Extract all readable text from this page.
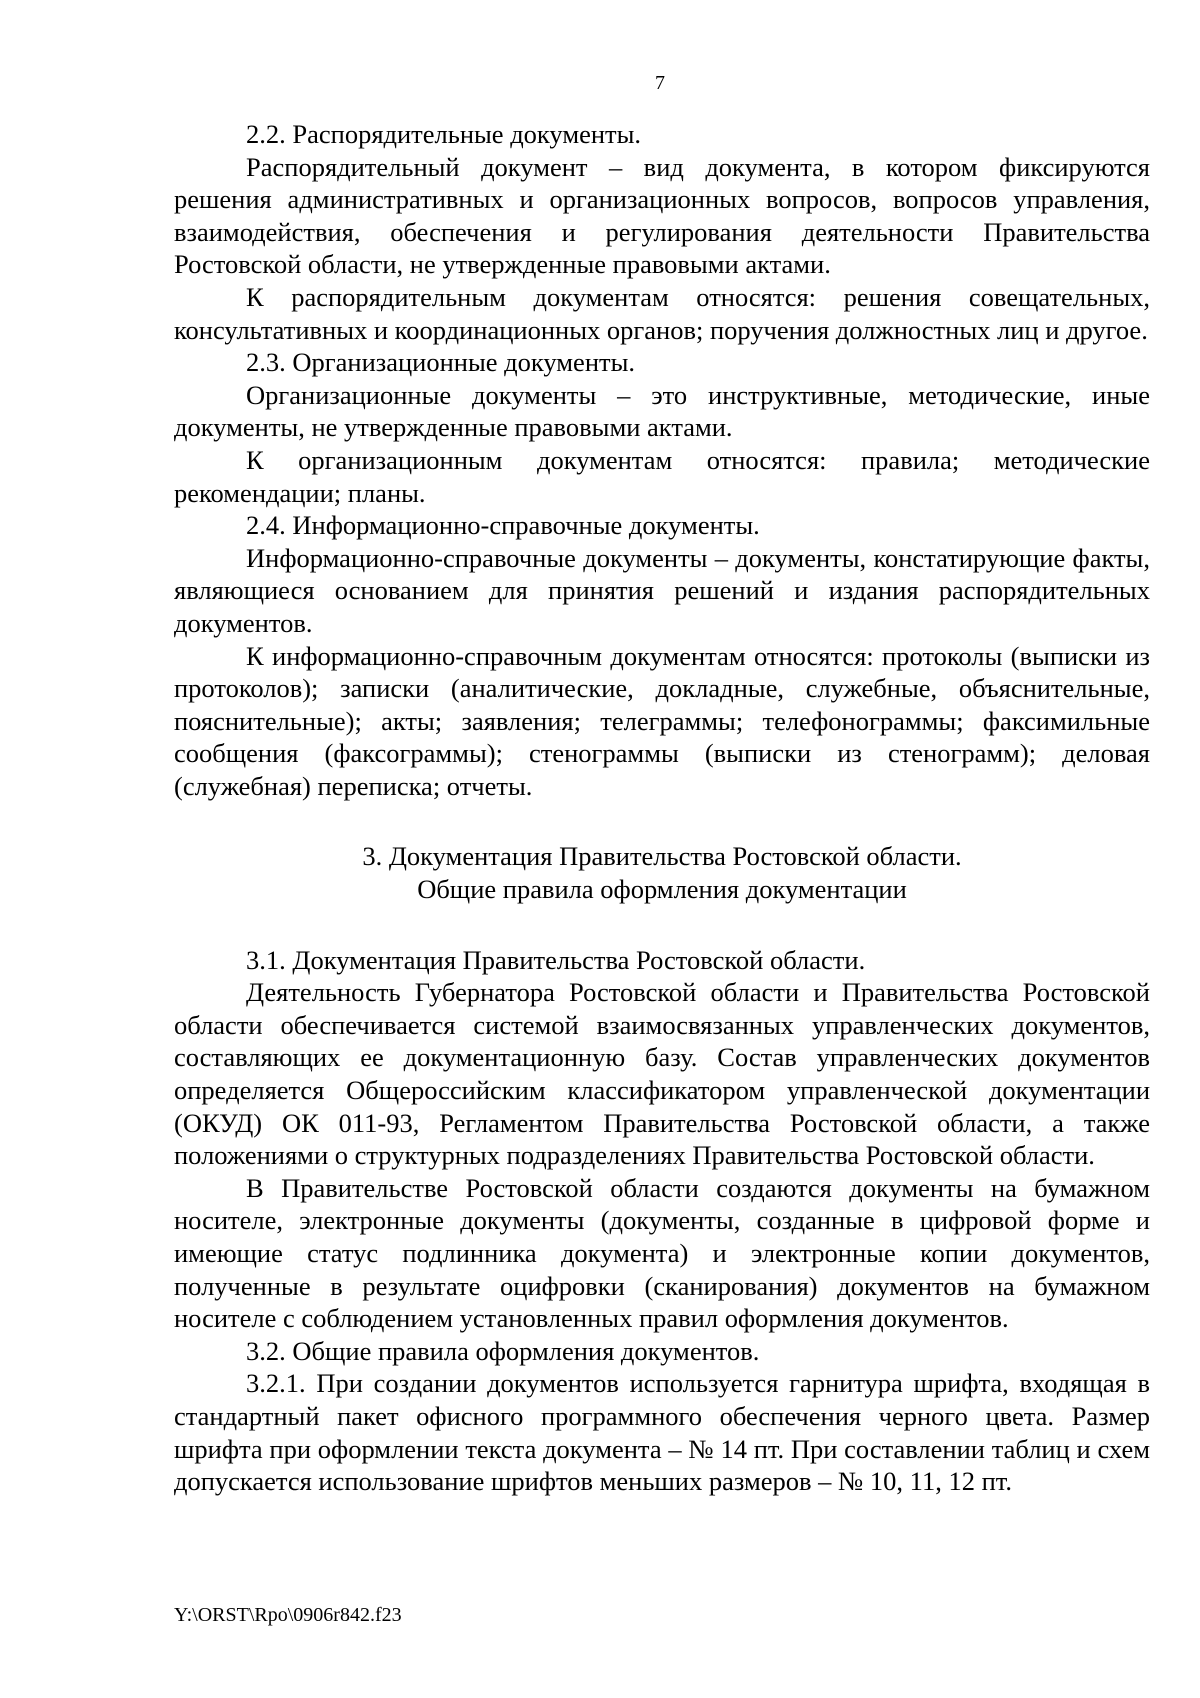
7

2.2. Распорядительные документы.

Распорядительный документ – вид документа, в котором фиксируются решения административных и организационных вопросов, вопросов управления, взаимодействия, обеспечения и регулирования деятельности Правительства Ростовской области, не утвержденные правовыми актами.

К распорядительным документам относятся: решения совещательных, консультативных и координационных органов; поручения должностных лиц и другое.

2.3. Организационные документы.

Организационные документы – это инструктивные, методические, иные документы, не утвержденные правовыми актами.

К организационным документам относятся: правила; методические рекомендации; планы.

2.4. Информационно-справочные документы.

Информационно-справочные документы – документы, констатирующие факты, являющиеся основанием для принятия решений и издания распорядительных документов.

К информационно-справочным документам относятся: протоколы (выписки из протоколов); записки (аналитические, докладные, служебные, объяснительные, пояснительные); акты; заявления; телеграммы; телефонограммы; факсимильные сообщения (факсограммы); стенограммы (выписки из стенограмм); деловая (служебная) переписка; отчеты.

3. Документация Правительства Ростовской области.
Общие правила оформления документации

3.1. Документация Правительства Ростовской области.

Деятельность Губернатора Ростовской области и Правительства Ростовской области обеспечивается системой взаимосвязанных управленческих документов, составляющих ее документационную базу. Состав управленческих документов определяется Общероссийским классификатором управленческой документации (ОКУД) ОК 011-93, Регламентом Правительства Ростовской области, а также положениями о структурных подразделениях Правительства Ростовской области.

В Правительстве Ростовской области создаются документы на бумажном носителе, электронные документы (документы, созданные в цифровой форме и имеющие статус подлинника документа) и электронные копии документов, полученные в результате оцифровки (сканирования) документов на бумажном носителе с соблюдением установленных правил оформления документов.

3.2. Общие правила оформления документов.

3.2.1. При создании документов используется гарнитура шрифта, входящая в стандартный пакет офисного программного обеспечения черного цвета. Размер шрифта при оформлении текста документа – № 14 пт. При составлении таблиц и схем допускается использование шрифтов меньших размеров – № 10, 11, 12 пт.

Y:\ORST\Rpo\0906r842.f23
